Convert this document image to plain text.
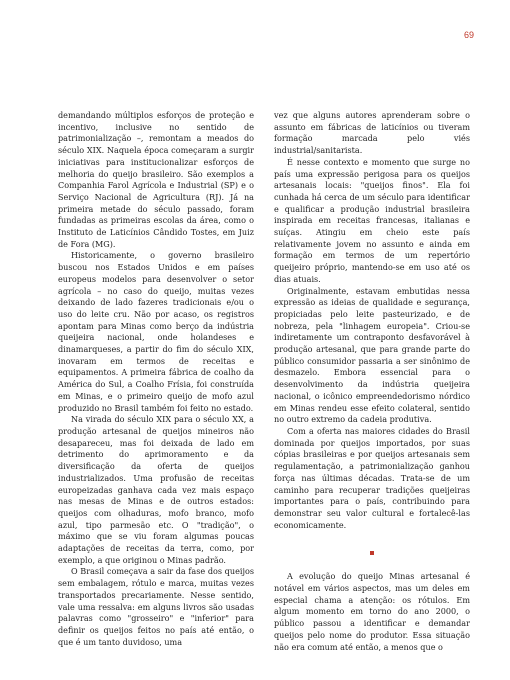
69

demandando múltiplos esforços de proteção e incentivo, inclusive no sentido de patrimonialização –, remontam a meados do século XIX. Naquela época começaram a surgir iniciativas para institucionalizar esforços de melhoria do queijo brasileiro. São exemplos a Companhia Farol Agrícola e Industrial (SP) e o Serviço Nacional de Agricultura (RJ). Já na primeira metade do século passado, foram fundadas as primeiras escolas da área, como o Instituto de Laticínios Cândido Tostes, em Juiz de Fora (MG).

Historicamente, o governo brasileiro buscou nos Estados Unidos e em países europeus modelos para desenvolver o setor agrícola – no caso do queijo, muitas vezes deixando de lado fazeres tradicionais e/ou o uso do leite cru. Não por acaso, os registros apontam para Minas como berço da indústria queijeira nacional, onde holandeses e dinamarqueses, a partir do fim do século XIX, inovaram em termos de receitas e equipamentos. A primeira fábrica de coalho da América do Sul, a Coalho Frísia, foi construída em Minas, e o primeiro queijo de mofo azul produzido no Brasil também foi feito no estado.

Na virada do século XIX para o século XX, a produção artesanal de queijos mineiros não desapareceu, mas foi deixada de lado em detrimento do aprimoramento e da diversificação da oferta de queijos industrializados. Uma profusão de receitas europeizadas ganhava cada vez mais espaço nas mesas de Minas e de outros estados: queijos com olhaduras, mofo branco, mofo azul, tipo parmesão etc. O "tradição", o máximo que se viu foram algumas poucas adaptações de receitas da terra, como, por exemplo, a que originou o Minas padrão.

O Brasil começava a sair da fase dos queijos sem embalagem, rótulo e marca, muitas vezes transportados precariamente. Nesse sentido, vale uma ressalva: em alguns livros são usadas palavras como "grosseiro" e "inferior" para definir os queijos feitos no país até então, o que é um tanto duvidoso, uma

vez que alguns autores aprenderam sobre o assunto em fábricas de laticínios ou tiveram formação marcada pelo viés industrial/sanitarista.

É nesse contexto e momento que surge no país uma expressão perigosa para os queijos artesanais locais: "queijos finos". Ela foi cunhada há cerca de um século para identificar e qualificar a produção industrial brasileira inspirada em receitas francesas, italianas e suíças. Atingiu em cheio este país relativamente jovem no assunto e ainda em formação em termos de um repertório queijeiro próprio, mantendo-se em uso até os dias atuais.

Originalmente, estavam embutidas nessa expressão as ideias de qualidade e segurança, propiciadas pelo leite pasteurizado, e de nobreza, pela "linhagem europeia". Criou-se indiretamente um contraponto desfavorável à produção artesanal, que para grande parte do público consumidor passaria a ser sinônimo de desmazelo. Embora essencial para o desenvolvimento da indústria queijeira nacional, o icônico empreendedorismo nórdico em Minas rendeu esse efeito colateral, sentido no outro extremo da cadeia produtiva.

Com a oferta nas maiores cidades do Brasil dominada por queijos importados, por suas cópias brasileiras e por queijos artesanais sem regulamentação, a patrimonialização ganhou força nas últimas décadas. Trata-se de um caminho para recuperar tradições queijeiras importantes para o país, contribuindo para demonstrar seu valor cultural e fortalecê-las economicamente.

A evolução do queijo Minas artesanal é notável em vários aspectos, mas um deles em especial chama a atenção: os rótulos. Em algum momento em torno do ano 2000, o público passou a identificar e demandar queijos pelo nome do produtor. Essa situação não era comum até então, a menos que o
